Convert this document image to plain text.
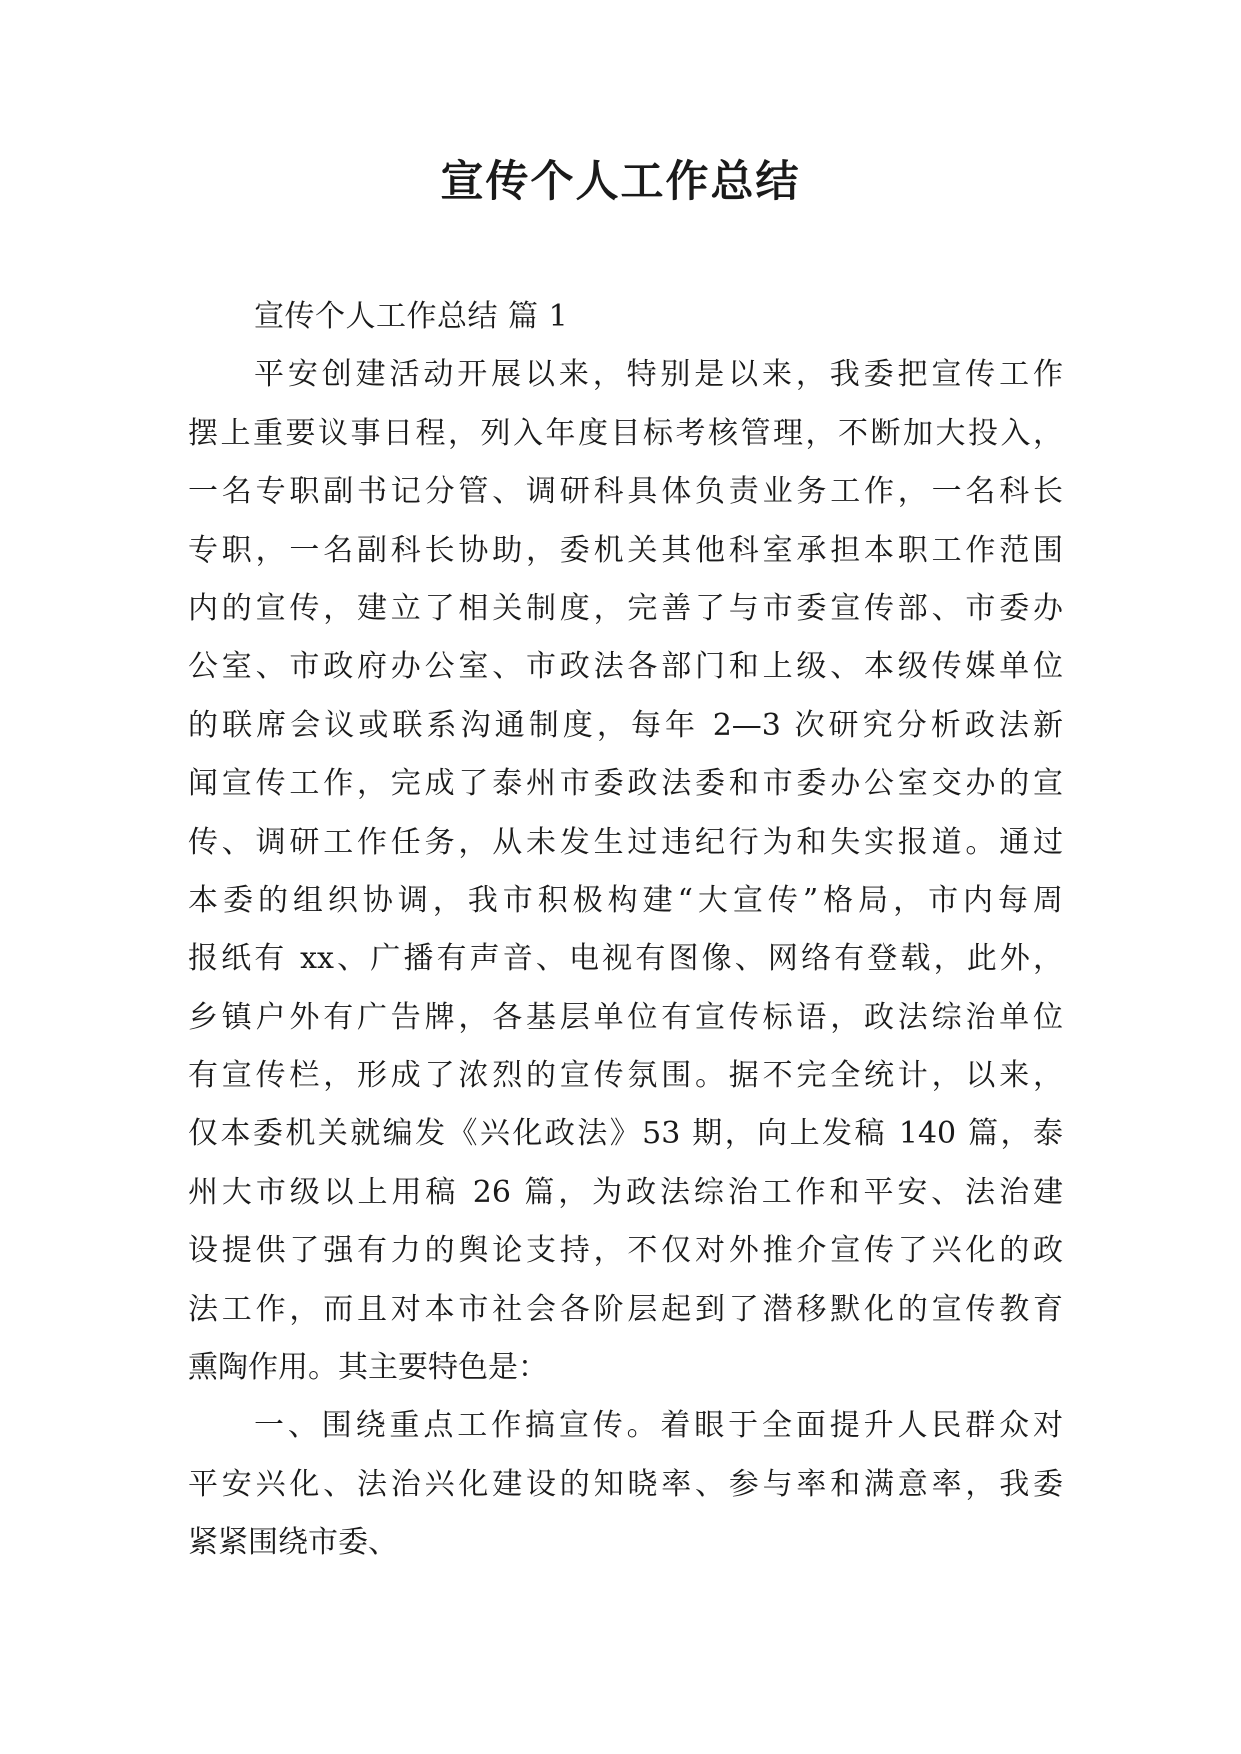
宣传个人工作总结

宣传个人工作总结 篇 1

平安创建活动开展以来，特别是以来，我委把宣传工作
摆上重要议事日程，列入年度目标考核管理，不断加大投入，
一名专职副书记分管、调研科具体负责业务工作，一名科长
专职，一名副科长协助，委机关其他科室承担本职工作范围
内的宣传，建立了相关制度，完善了与市委宣传部、市委办
公室、市政府办公室、市政法各部门和上级、本级传媒单位
的联席会议或联系沟通制度，每年 2—3 次研究分析政法新
闻宣传工作，完成了泰州市委政法委和市委办公室交办的宣
传、调研工作任务，从未发生过违纪行为和失实报道。通过
本委的组织协调，我市积极构建“大宣传”格局，市内每周
报纸有 xx、广播有声音、电视有图像、网络有登载，此外，
乡镇户外有广告牌，各基层单位有宣传标语，政法综治单位
有宣传栏，形成了浓烈的宣传氛围。据不完全统计，以来，
仅本委机关就编发《兴化政法》53 期，向上发稿 140 篇，泰
州大市级以上用稿 26 篇，为政法综治工作和平安、法治建
设提供了强有力的舆论支持，不仅对外推介宣传了兴化的政
法工作，而且对本市社会各阶层起到了潜移默化的宣传教育
熏陶作用。其主要特色是：

一、围绕重点工作搞宣传。着眼于全面提升人民群众对
平安兴化、法治兴化建设的知晓率、参与率和满意率，我委
紧紧围绕市委、
